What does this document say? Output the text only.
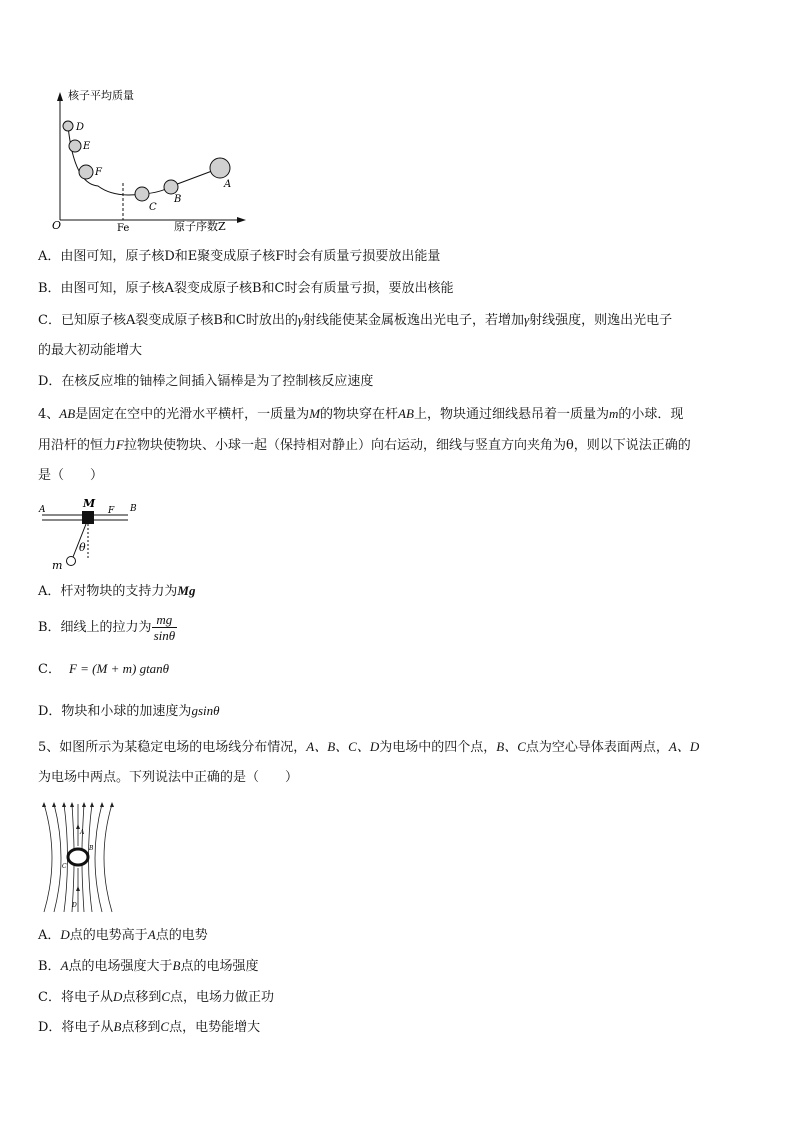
核子平均质量
原子序数Z
O	Fe
D
E
F
C
B
A
A．由图可知，原子核D和E聚变成原子核F时会有质量亏损要放出能量
B．由图可知，原子核A裂变成原子核B和C时会有质量亏损，要放出核能
C．已知原子核A裂变成原子核B和C时放出的γ射线能使某金属板逸出光电子，若增加γ射线强度，则逸出光电子
的最大初动能增大
D．在核反应堆的铀棒之间插入镉棒是为了控制核反应速度
4、AB是固定在空中的光滑水平横杆，一质量为M的物块穿在杆AB上，物块通过细线悬吊着一质量为m的小球．现
用沿杆的恒力F拉物块使物块、小球一起（保持相对静止）向右运动，细线与竖直方向夹角为θ，则以下说法正确的
是（　　）
A	B
M
F
m
θ
A．杆对物块的支持力为Mg
B．细线上的拉力为 $\frac{mg}{\sin\theta}$
C． F = (M + m) gtanθ
D．物块和小球的加速度为gsinθ
5、如图所示为某稳定电场的电场线分布情况，A、B、C、D为电场中的四个点，B、C点为空心导体表面两点，A、D
为电场中两点。下列说法中正确的是（　　）
A
B
C
D
A．D点的电势高于A点的电势
B．A点的电场强度大于B点的电场强度
C．将电子从D点移到C点，电场力做正功
D．将电子从B点移到C点，电势能增大
